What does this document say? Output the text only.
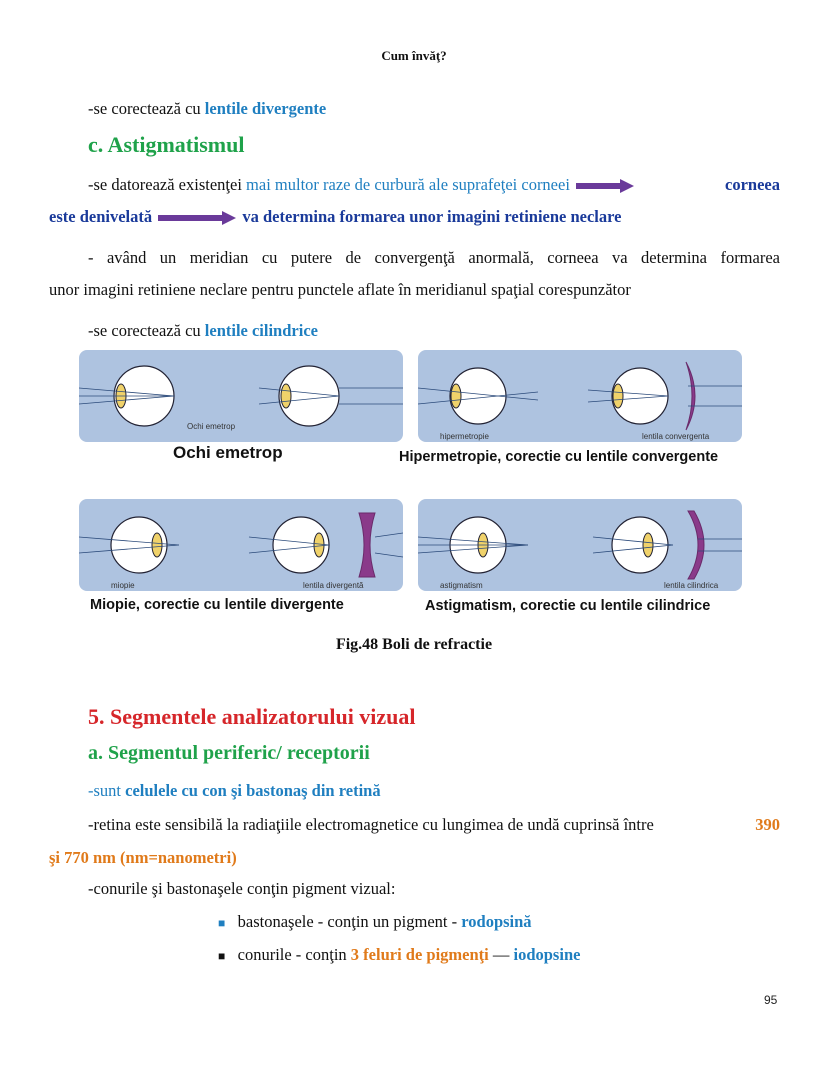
Cum învăţ?
-se corectează cu lentile divergente
c. Astigmatismul
-se datorează existenţei mai multor raze de curbură ale suprafeţei corneei	corneea
este denivelată	va determina formarea unor imagini retiniene neclare
- având un meridian cu putere de convergenţă anormală, corneea va determina formarea
unor imagini retiniene neclare pentru punctele aflate în meridianul spaţial corespunzător
-se corectează cu lentile cilindrice
Ochi emetrop
Ochi emetrop
hipermetropie	lentila convergenta
Hipermetropie, corectie cu lentile convergente
miopie	lentila divergentă
Miopie, corectie cu lentile divergente
astigmatism	lentila cilindrica
Astigmatism, corectie cu lentile cilindrice
Fig.48 Boli de refractie
5. Segmentele analizatorului vizual
a. Segmentul periferic/ receptorii
-sunt celulele cu con şi bastonaş din retină
-retina este sensibilă la radiaţiile electromagnetice cu lungimea de undă cuprinsă între	390
şi 770 nm (nm=nanometri)
-conurile şi bastonaşele conţin pigment vizual:
■ bastonaşele - conţin un pigment - rodopsină
■ conurile - conţin 3 feluri de pigmenţi — iodopsine
95
